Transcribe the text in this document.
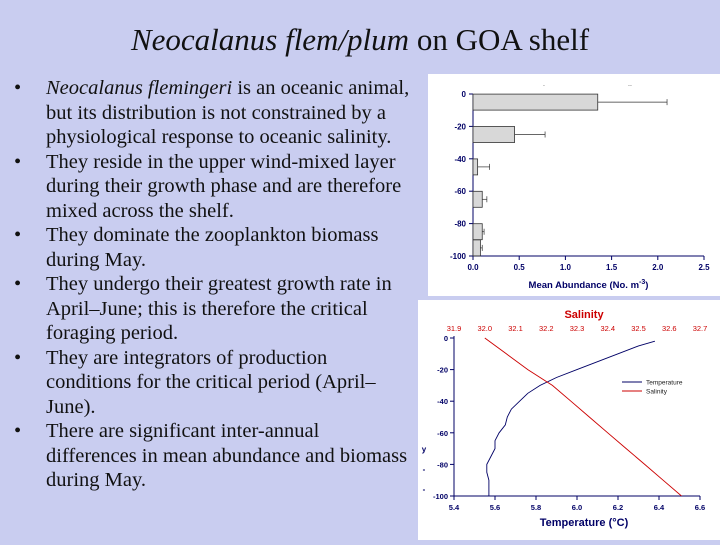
Neocalanus flem/plum on GOA shelf
•	Neocalanus flemingeri is an oceanic animal, but its distribution is not constrained by a physiological response to oceanic salinity.
•	They reside in the upper wind-mixed layer during their growth phase and are therefore mixed across the shelf.
•	They dominate the zooplankton biomass during May.
•	They undergo their greatest growth rate in April–June; this is therefore the critical foraging period.
•	They are integrators of production conditions for the critical period (April–June).
•	There are significant inter-annual differences in mean abundance and biomass during May.
.	..
0
-20
-40
-60
-80
-100
0.0	0.5	1.0	1.5	2.0	2.5
Mean Abundance (No. $m^{-3}$)
Salinity
31.9 32.0 32.1 32.2 32.3 32.4 32.5 32.6 32.7
0
-20
-40
-60
-80
-100
5.4	5.6	5.8	6.0	6.2	6.4	6.6
Temperature
Salinity
Temperature (°C)
y
-
-
